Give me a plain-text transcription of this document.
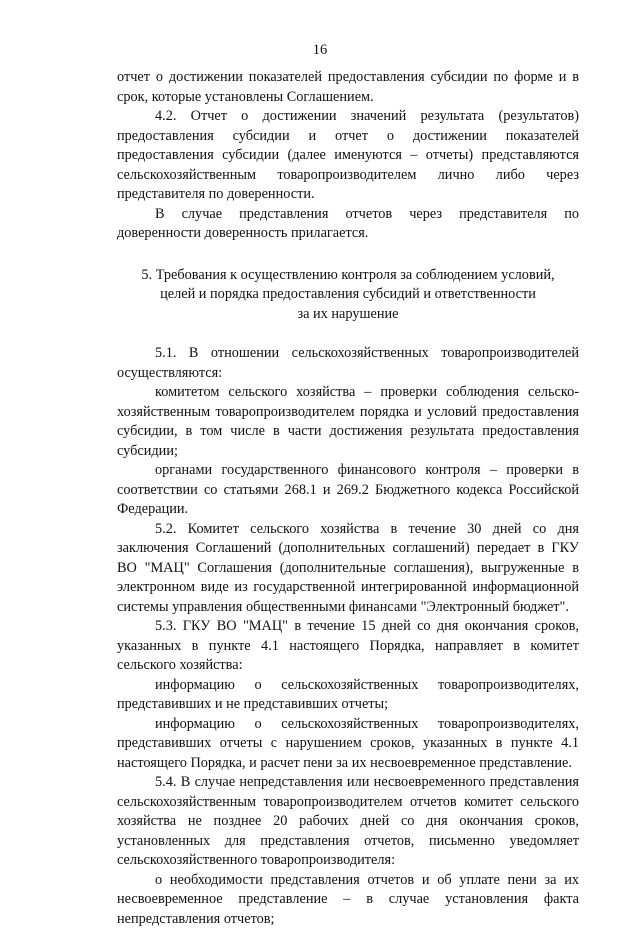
16

отчет о достижении показателей предоставления субсидии по форме и в срок, которые установлены Соглашением.

4.2. Отчет о достижении значений результата (результатов) предоставления субсидии и отчет о достижении показателей предоставления субсидии (далее именуются – отчеты) представляются сельскохозяйственным товаропроизводителем лично либо через представителя по доверенности.

В случае представления отчетов через представителя по доверенности доверенность прилагается.

5. Требования к осуществлению контроля за соблюдением условий,
целей и порядка предоставления субсидий и ответственности
за их нарушение

5.1. В отношении сельскохозяйственных товаропроизводителей осуществляются:

комитетом сельского хозяйства – проверки соблюдения сельскохозяйственным товаропроизводителем порядка и условий предоставления субсидии, в том числе в части достижения результата предоставления субсидии;

органами государственного финансового контроля – проверки в соответствии со статьями 268.1 и 269.2 Бюджетного кодекса Российской Федерации.

5.2. Комитет сельского хозяйства в течение 30 дней со дня заключения Соглашений (дополнительных соглашений) передает в ГКУ ВО "МАЦ" Соглашения (дополнительные соглашения), выгруженные в электронном виде из государственной интегрированной информационной системы управления общественными финансами "Электронный бюджет".

5.3. ГКУ ВО "МАЦ" в течение 15 дней со дня окончания сроков, указанных в пункте 4.1 настоящего Порядка, направляет в комитет сельского хозяйства:

информацию о сельскохозяйственных товаропроизводителях, представивших и не представивших отчеты;

информацию о сельскохозяйственных товаропроизводителях, представивших отчеты с нарушением сроков, указанных в пункте 4.1 настоящего Порядка, и расчет пени за их несвоевременное представление.

5.4. В случае непредставления или несвоевременного представления сельскохозяйственным товаропроизводителем отчетов комитет сельского хозяйства не позднее 20 рабочих дней со дня окончания сроков, установленных для представления отчетов, письменно уведомляет сельскохозяйственного товаропроизводителя:

о необходимости представления отчетов и об уплате пени за их несвоевременное представление – в случае установления факта непредставления отчетов;
